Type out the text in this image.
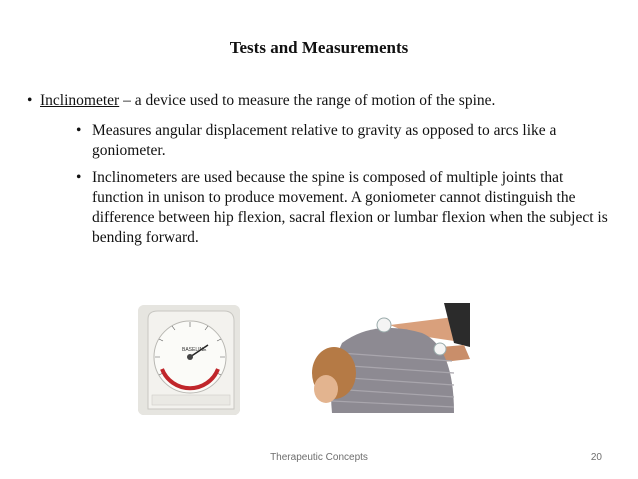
Tests and Measurements
• Inclinometer – a device used to measure the range of motion of the spine.
• Measures angular displacement relative to gravity as opposed to arcs like a goniometer.
• Inclinometers are used because the spine is composed of multiple joints that function in unison to produce movement. A goniometer cannot distinguish the difference between hip flexion, sacral flexion or lumbar flexion when the subject is bending forward.
BASELINE
Therapeutic Concepts	20
